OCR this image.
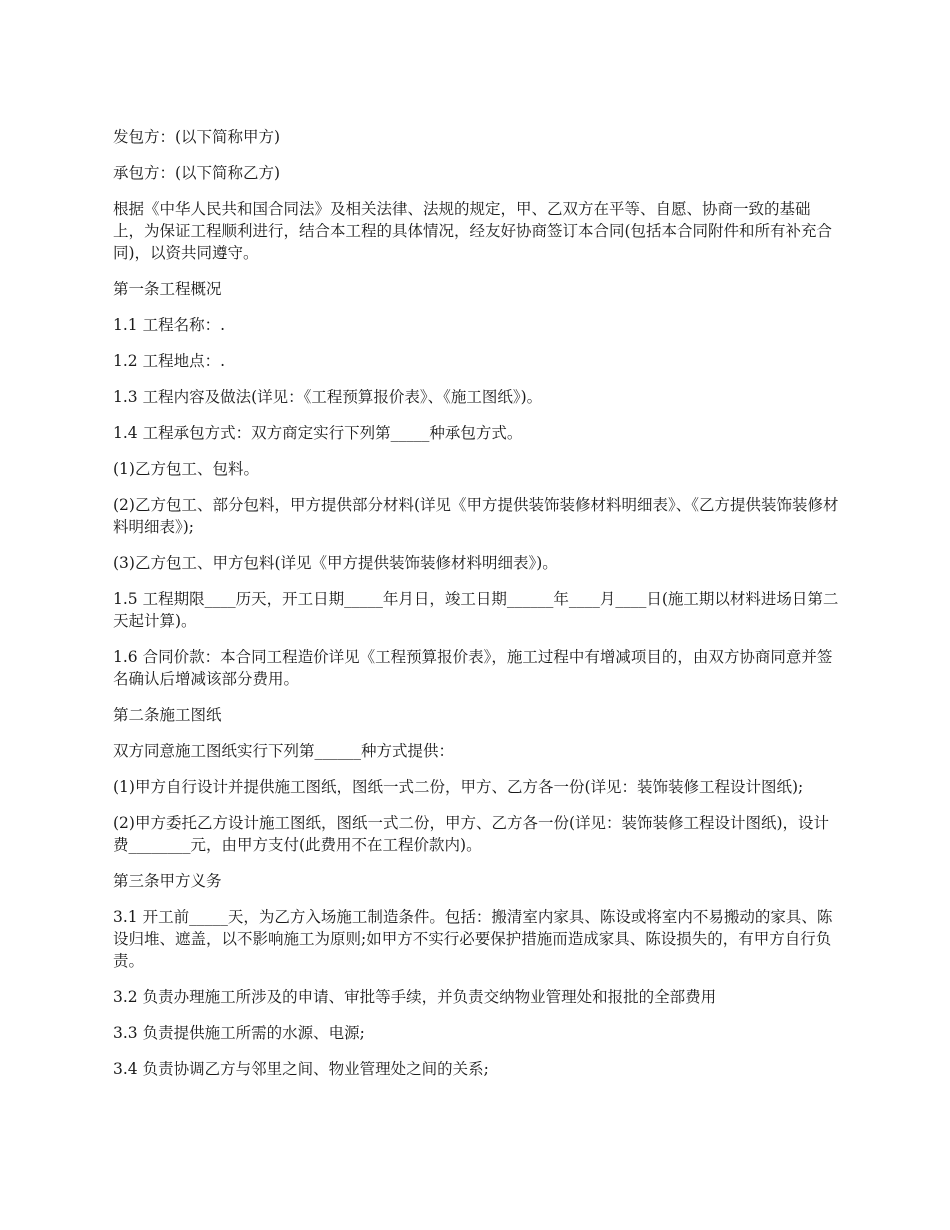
发包方：(以下简称甲方)

承包方：(以下简称乙方)

根据《中华人民共和国合同法》及相关法律、法规的规定，甲、乙双方在平等、自愿、协商一致的基础上，为保证工程顺利进行，结合本工程的具体情况，经友好协商签订本合同(包括本合同附件和所有补充合同)，以资共同遵守。

第一条工程概况

1.1 工程名称：.

1.2 工程地点：.

1.3 工程内容及做法(详见：《工程预算报价表》、《施工图纸》)。

1.4 工程承包方式：双方商定实行下列第_____种承包方式。

(1)乙方包工、包料。

(2)乙方包工、部分包料，甲方提供部分材料(详见《甲方提供装饰装修材料明细表》、《乙方提供装饰装修材料明细表》);

(3)乙方包工、甲方包料(详见《甲方提供装饰装修材料明细表》)。

1.5 工程期限____历天，开工日期_____年月日，竣工日期______年____月____日(施工期以材料进场日第二天起计算)。

1.6 合同价款：本合同工程造价详见《工程预算报价表》，施工过程中有增减项目的，由双方协商同意并签名确认后增减该部分费用。

第二条施工图纸

双方同意施工图纸实行下列第______种方式提供：

(1)甲方自行设计并提供施工图纸，图纸一式二份，甲方、乙方各一份(详见：装饰装修工程设计图纸);

(2)甲方委托乙方设计施工图纸，图纸一式二份，甲方、乙方各一份(详见：装饰装修工程设计图纸)，设计费________元，由甲方支付(此费用不在工程价款内)。

第三条甲方义务

3.1 开工前_____天，为乙方入场施工制造条件。包括：搬清室内家具、陈设或将室内不易搬动的家具、陈设归堆、遮盖，以不影响施工为原则;如甲方不实行必要保护措施而造成家具、陈设损失的，有甲方自行负责。

3.2 负责办理施工所涉及的申请、审批等手续，并负责交纳物业管理处和报批的全部费用

3.3 负责提供施工所需的水源、电源;

3.4 负责协调乙方与邻里之间、物业管理处之间的关系;
